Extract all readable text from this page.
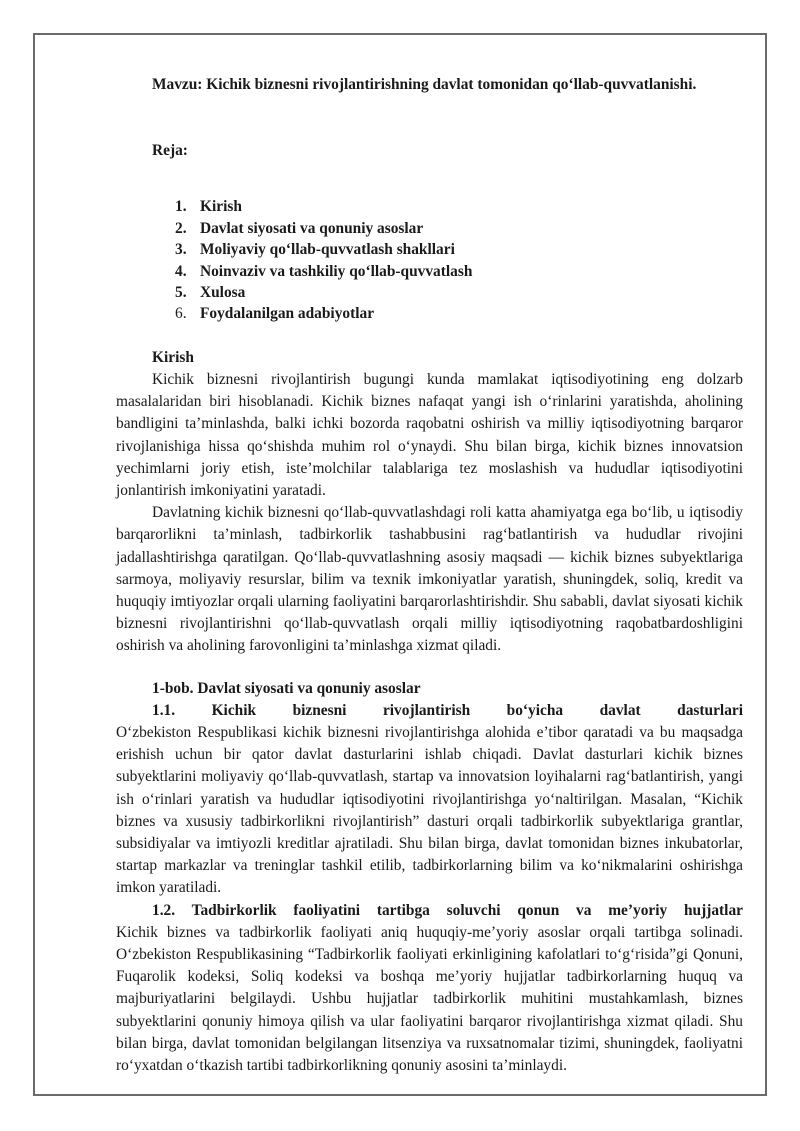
Mavzu: Kichik biznesni rivojlantirishning davlat tomonidan qo‘llab-quvvatlanishi.

Reja:

1. Kirish
2. Davlat siyosati va qonuniy asoslar
3. Moliyaviy qo‘llab-quvvatlash shakllari
4. Noinvaziv va tashkiliy qo‘llab-quvvatlash
5. Xulosa
6. Foydalanilgan adabiyotlar

Kirish

Kichik biznesni rivojlantirish bugungi kunda mamlakat iqtisodiyotining eng dolzarb masalalaridan biri hisoblanadi. Kichik biznes nafaqat yangi ish o‘rinlarini yaratishda, aholining bandligini ta’minlashda, balki ichki bozorda raqobatni oshirish va milliy iqtisodiyotning barqaror rivojlanishiga hissa qo‘shishda muhim rol o‘ynaydi. Shu bilan birga, kichik biznes innovatsion yechimlarni joriy etish, iste’molchilar talablariga tez moslashish va hududlar iqtisodiyotini jonlantirish imkoniyatini yaratadi.

Davlatning kichik biznesni qo‘llab-quvvatlashdagi roli katta ahamiyatga ega bo‘lib, u iqtisodiy barqarorlikni ta’minlash, tadbirkorlik tashabbusini rag‘batlantirish va hududlar rivojini jadallashtirishga qaratilgan. Qo‘llab-quvvatlashning asosiy maqsadi — kichik biznes subyektlariga sarmoya, moliyaviy resurslar, bilim va texnik imkoniyatlar yaratish, shuningdek, soliq, kredit va huquqiy imtiyozlar orqali ularning faoliyatini barqarorlashtirishdir. Shu sababli, davlat siyosati kichik biznesni rivojlantirishni qo‘llab-quvvatlash orqali milliy iqtisodiyotning raqobatbardoshligini oshirish va aholining farovonligini ta’minlashga xizmat qiladi.

1-bob. Davlat siyosati va qonuniy asoslar

1.1. Kichik biznesni rivojlantirish bo‘yicha davlat dasturlari

O‘zbekiston Respublikasi kichik biznesni rivojlantirishga alohida e’tibor qaratadi va bu maqsadga erishish uchun bir qator davlat dasturlarini ishlab chiqadi. Davlat dasturlari kichik biznes subyektlarini moliyaviy qo‘llab-quvvatlash, startap va innovatsion loyihalarni rag‘batlantirish, yangi ish o‘rinlari yaratish va hududlar iqtisodiyotini rivojlantirishga yo‘naltirilgan. Masalan, “Kichik biznes va xususiy tadbirkorlikni rivojlantirish” dasturi orqali tadbirkorlik subyektlariga grantlar, subsidiyalar va imtiyozli kreditlar ajratiladi. Shu bilan birga, davlat tomonidan biznes inkubatorlar, startap markazlar va treninglar tashkil etilib, tadbirkorlarning bilim va ko‘nikmalarini oshirishga imkon yaratiladi.

1.2. Tadbirkorlik faoliyatini tartibga soluvchi qonun va me’yoriy hujjatlar

Kichik biznes va tadbirkorlik faoliyati aniq huquqiy-me’yoriy asoslar orqali tartibga solinadi. O‘zbekiston Respublikasining “Tadbirkorlik faoliyati erkinligining kafolatlari to‘g‘risida”gi Qonuni, Fuqarolik kodeksi, Soliq kodeksi va boshqa me’yoriy hujjatlar tadbirkorlarning huquq va majburiyatlarini belgilaydi. Ushbu hujjatlar tadbirkorlik muhitini mustahkamlash, biznes subyektlarini qonuniy himoya qilish va ular faoliyatini barqaror rivojlantirishga xizmat qiladi. Shu bilan birga, davlat tomonidan belgilangan litsenziya va ruxsatnomalar tizimi, shuningdek, faoliyatni ro‘yxatdan o‘tkazish tartibi tadbirkorlikning qonuniy asosini ta’minlaydi.
